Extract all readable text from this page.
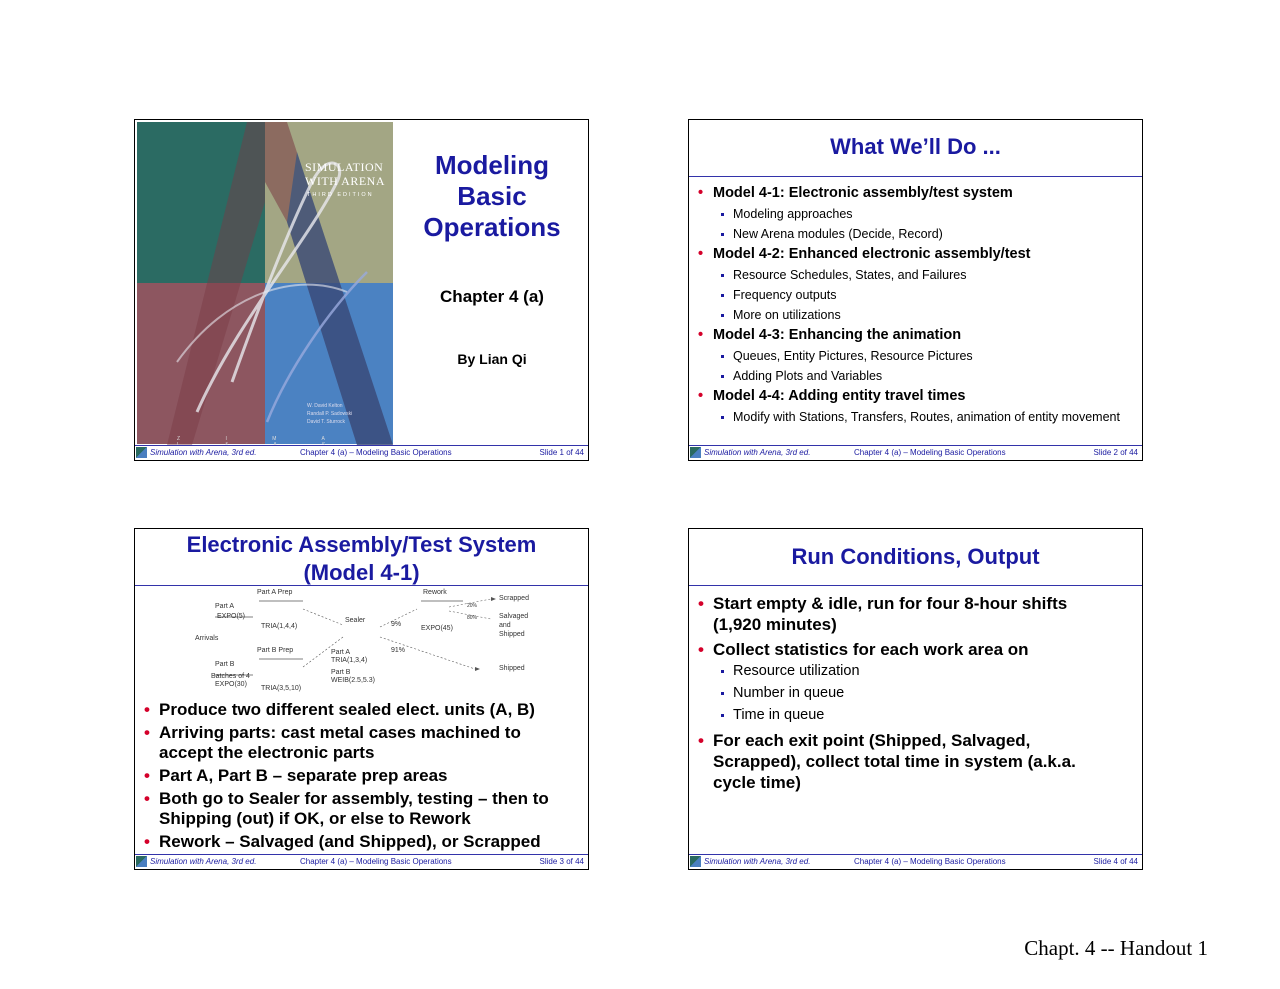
SIMULATION
WITH ARENA
THIRD EDITION
W. David Kelton
Randall P. Sadowski
David T. Sturrock
Z I M A L & A S
Modeling Basic Operations
Chapter 4 (a)
By Lian Qi
Simulation with Arena, 3rd ed.	Chapter 4 (a) – Modeling Basic Operations	Slide 1 of 44
What We’ll Do ...
• Model 4-1: Electronic assembly/test system
Modeling approaches
New Arena modules (Decide, Record)
• Model 4-2: Enhanced electronic assembly/test
Resource Schedules, States, and Failures
Frequency outputs
More on utilizations
• Model 4-3: Enhancing the animation
Queues, Entity Pictures, Resource Pictures
Adding Plots and Variables
• Model 4-4: Adding entity travel times
Modify with Stations, Transfers, Routes, animation of entity movement
Simulation with Arena, 3rd ed.	Chapter 4 (a) – Modeling Basic Operations	Slide 2 of 44
Electronic Assembly/Test System
(Model 4-1)
Part A Prep
Part A
EXPO(5)
TRIA(1,4,4)
Arrivals
Part B Prep
Part B
Batches of 4
EXPO(30)
TRIA(3,5,10)
Sealer
Part A
TRIA(1,3,4)
Part B
WEIB(2.5,5.3)
9%
91%
Rework
EXPO(45)
20%
80%
Scrapped
Salvaged
and
Shipped
Shipped
• Produce two different sealed elect. units (A, B)
• Arriving parts: cast metal cases machined to accept the electronic parts
• Part A, Part B – separate prep areas
• Both go to Sealer for assembly, testing – then to Shipping (out) if OK, or else to Rework
• Rework – Salvaged (and Shipped), or Scrapped
Simulation with Arena, 3rd ed.	Chapter 4 (a) – Modeling Basic Operations	Slide 3 of 44
Run Conditions, Output
• Start empty & idle, run for four 8-hour shifts (1,920 minutes)
• Collect statistics for each work area on
Resource utilization
Number in queue
Time in queue
• For each exit point (Shipped, Salvaged, Scrapped), collect total time in system (a.k.a. cycle time)
Simulation with Arena, 3rd ed.	Chapter 4 (a) – Modeling Basic Operations	Slide 4 of 44
Chapt. 4 -- Handout 1
